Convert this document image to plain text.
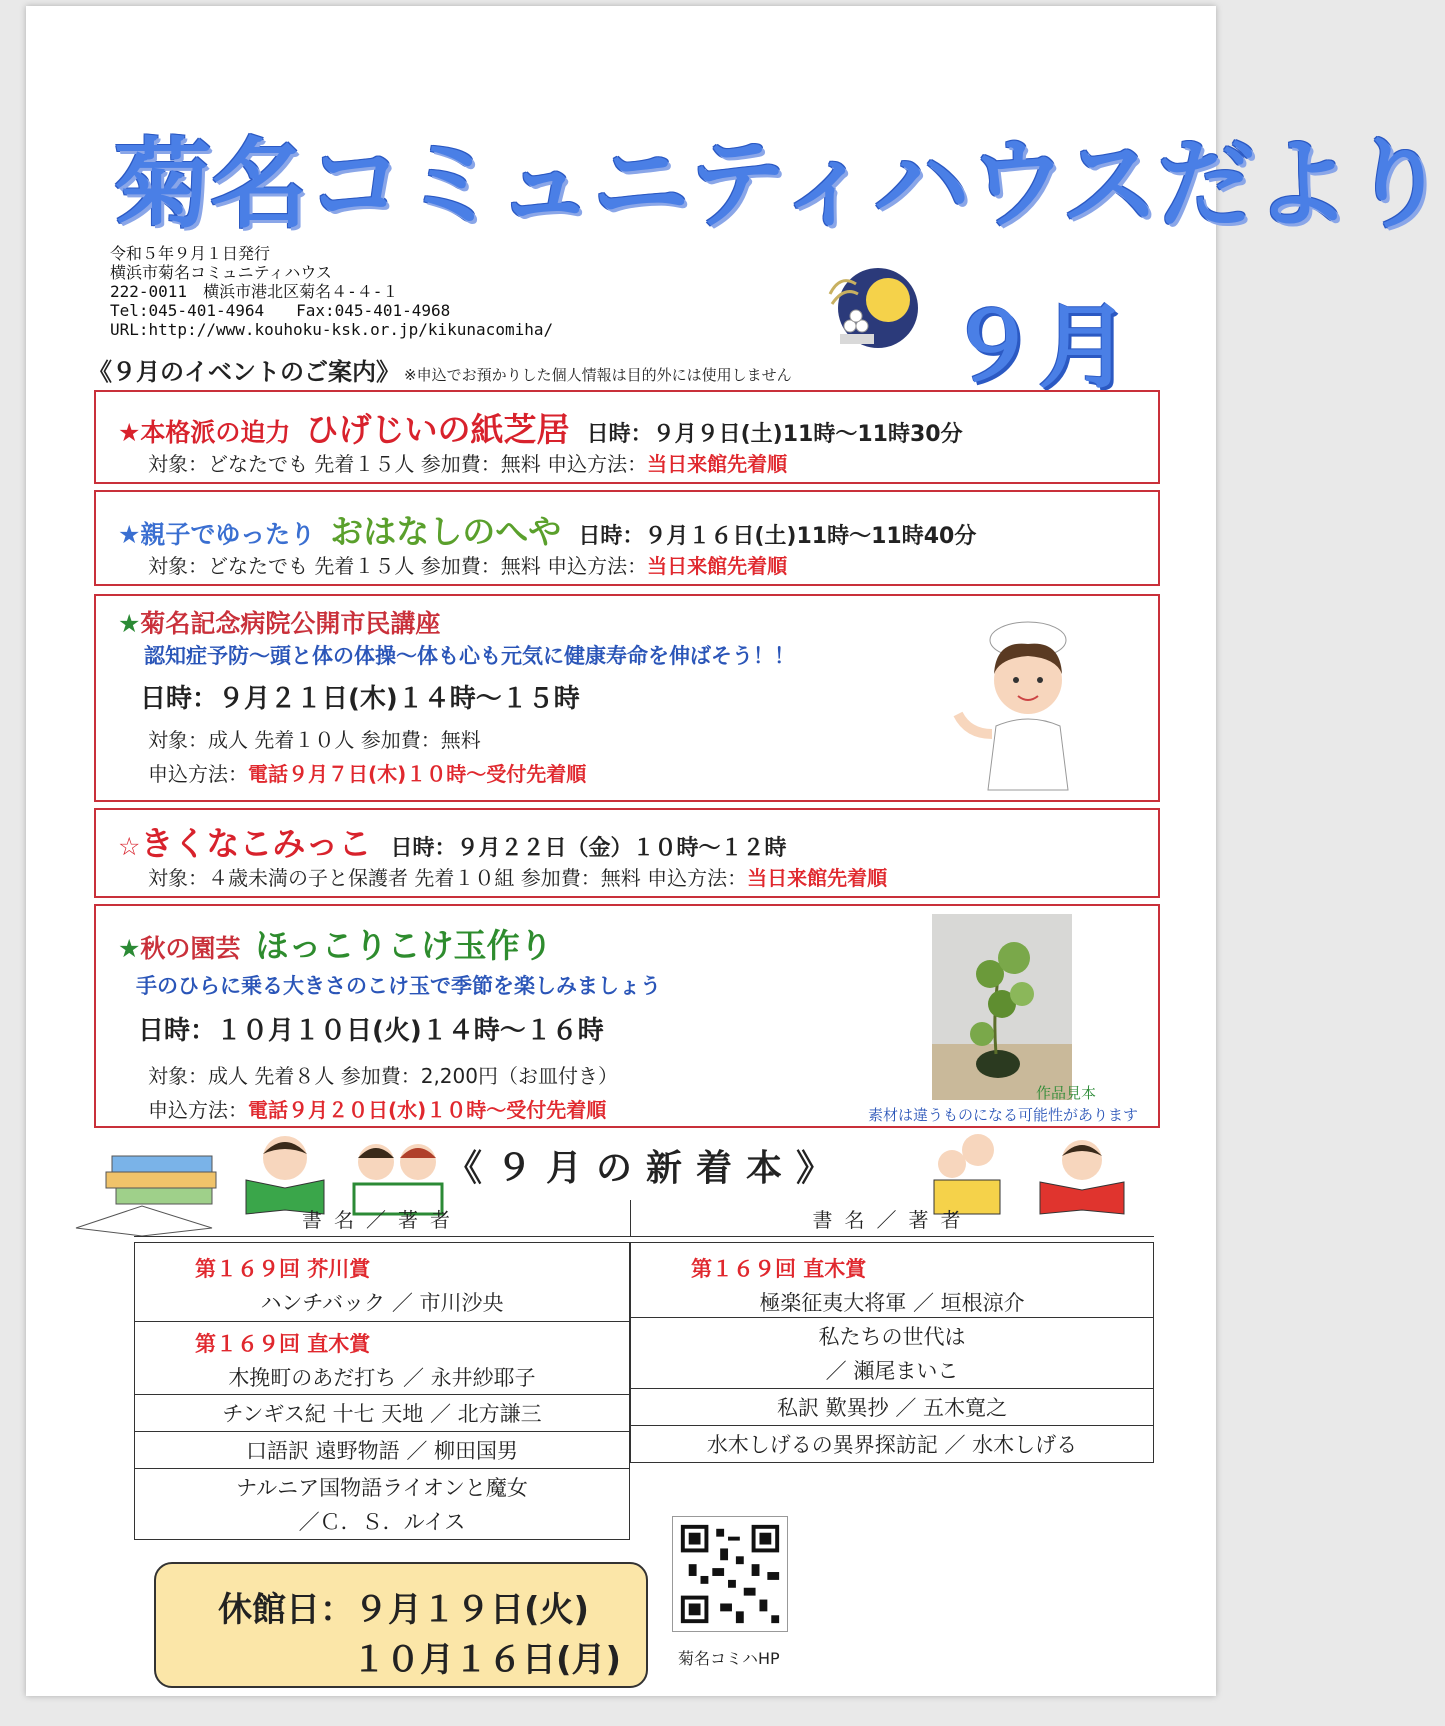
菊名コミュニティハウスだより
令和５年９月１日発行
横浜市菊名コミュニティハウス
222-0011　横浜市港北区菊名４-４-１
Tel:045-401-4964　　Fax:045-401-4968
URL:http://www.kouhoku-ksk.or.jp/kikunacomiha/	９月
《９月のイベントのご案内》 ※申込でお預かりした個人情報は目的外には使用しません
★本格派の迫力 ひげじいの紙芝居 日時：９月９日(土)11時～11時30分
対象：どなたでも 先着１５人 参加費：無料 申込方法：当日来館先着順
★親子でゆったり おはなしのへや 日時：９月１６日(土)11時～11時40分
対象：どなたでも 先着１５人 参加費：無料 申込方法：当日来館先着順
★菊名記念病院公開市民講座
認知症予防～頭と体の体操～体も心も元気に健康寿命を伸ばそう！！
日時：９月２１日(木)１４時～１５時
対象：成人 先着１０人 参加費：無料
申込方法：電話９月７日(木)１０時～受付先着順
☆きくなこみっこ 日時：９月２２日（金）１０時～１２時
対象：４歳未満の子と保護者 先着１０組 参加費：無料 申込方法：当日来館先着順
★秋の園芸 ほっこりこけ玉作り
手のひらに乗る大きさのこけ玉で季節を楽しみましょう
日時：１０月１０日(火)１４時～１６時
対象：成人 先着８人 参加費：2,200円（お皿付き）
申込方法：電話９月２０日(水)１０時～受付先着順
作品見本
素材は違うものになる可能性があります
《９月の新着本》
書名／著者
第１６９回 芥川賞
ハンチバック ／ 市川沙央

第１６９回 直木賞
木挽町のあだ打ち ／ 永井紗耶子

チンギス紀 十七 天地 ／ 北方謙三
口語訳 遠野物語 ／ 柳田国男

ナルニア国物語ライオンと魔女
／Ｃ．Ｓ．ルイス
書名／著者
第１６９回 直木賞
極楽征夷大将軍 ／ 垣根涼介

私たちの世代は
／ 瀬尾まいこ

私訳 歎異抄 ／ 五木寛之
水木しげるの異界探訪記 ／ 水木しげる
休館日：９月１９日(火)
１０月１６日(月)	菊名コミハHP
